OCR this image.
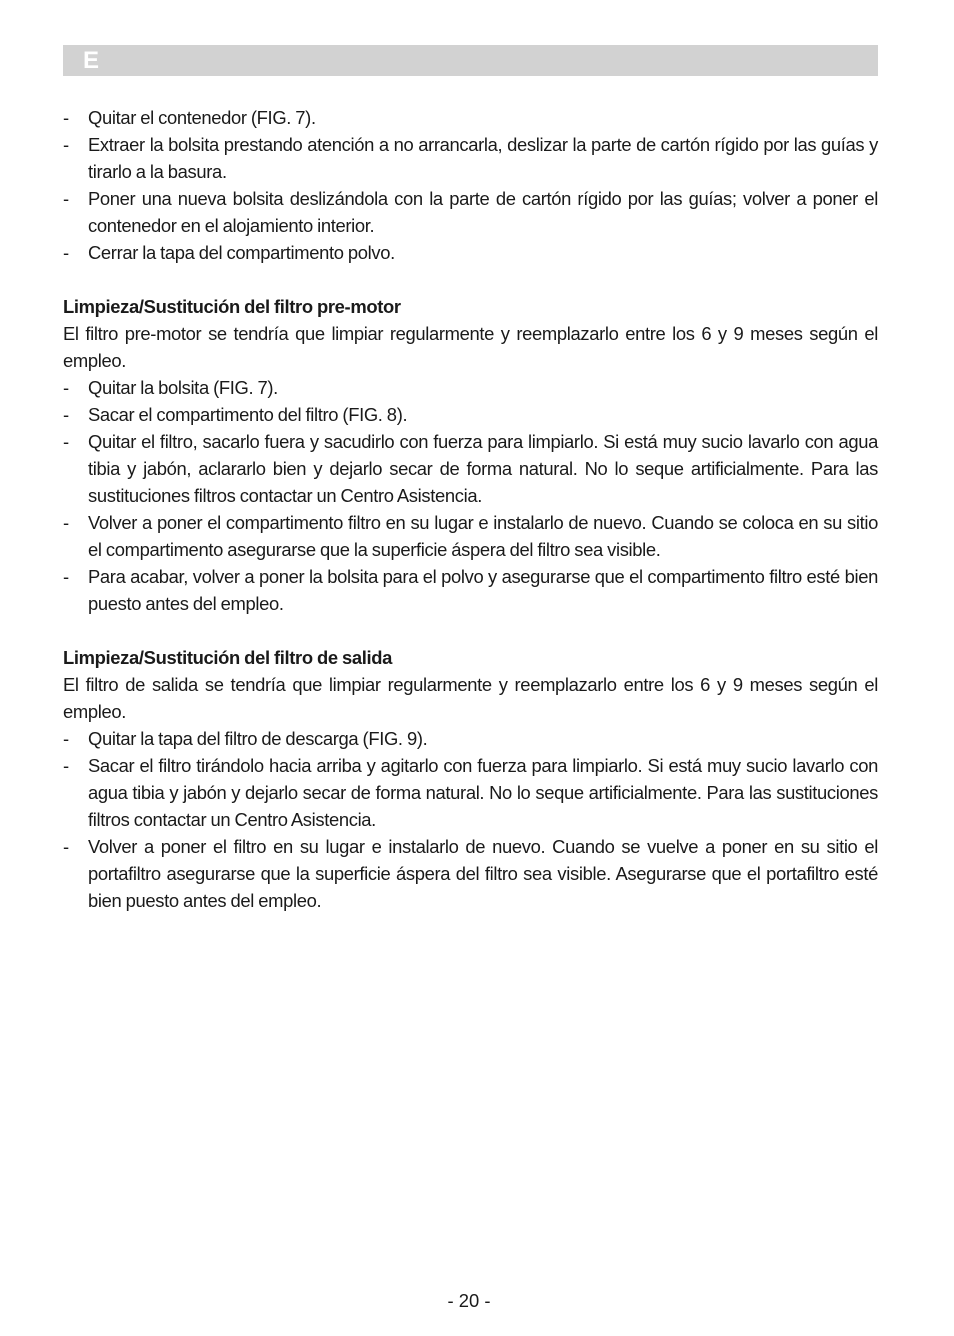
E
- Quitar el contenedor (FIG. 7).
- Extraer la bolsita prestando atención a no arrancarla, deslizar la parte de cartón rígido por las guías y tirarlo a la basura.
- Poner una nueva bolsita deslizándola con la parte de cartón rígido por las guías; volver a poner el contenedor en el alojamiento interior.
- Cerrar la tapa del compartimento polvo.
Limpieza/Sustitución del filtro pre-motor
El filtro pre-motor se tendría que limpiar regularmente y reemplazarlo entre los 6 y 9 meses según el empleo.
- Quitar la bolsita (FIG. 7).
- Sacar el compartimento del filtro (FIG. 8).
- Quitar el filtro, sacarlo fuera y sacudirlo con fuerza para limpiarlo. Si está muy sucio lavarlo con agua tibia y jabón, aclararlo bien y dejarlo secar de forma natural. No lo seque artificialmente. Para las sustituciones filtros contactar un Centro Asistencia.
- Volver a poner el compartimento filtro en su lugar e instalarlo de nuevo. Cuando se coloca en su sitio el compartimento asegurarse que la superficie áspera del filtro sea visible.
- Para acabar, volver a poner la bolsita para el polvo y asegurarse que el compartimento filtro esté bien puesto antes del empleo.
Limpieza/Sustitución del filtro de salida
El filtro de salida se tendría que limpiar regularmente y reemplazarlo entre los 6 y 9 meses según el empleo.
- Quitar la tapa del filtro de descarga (FIG. 9).
- Sacar el filtro tirándolo hacia arriba y agitarlo con fuerza para limpiarlo. Si está muy sucio lavarlo con agua tibia y jabón y dejarlo secar de forma natural. No lo seque artificialmente. Para las sustituciones filtros contactar un Centro Asistencia.
- Volver a poner el filtro en su lugar e instalarlo de nuevo. Cuando se vuelve a poner en su sitio el portafiltro asegurarse que la superficie áspera del filtro sea visible. Asegurarse que el portafiltro esté bien puesto antes del empleo.
- 20 -
